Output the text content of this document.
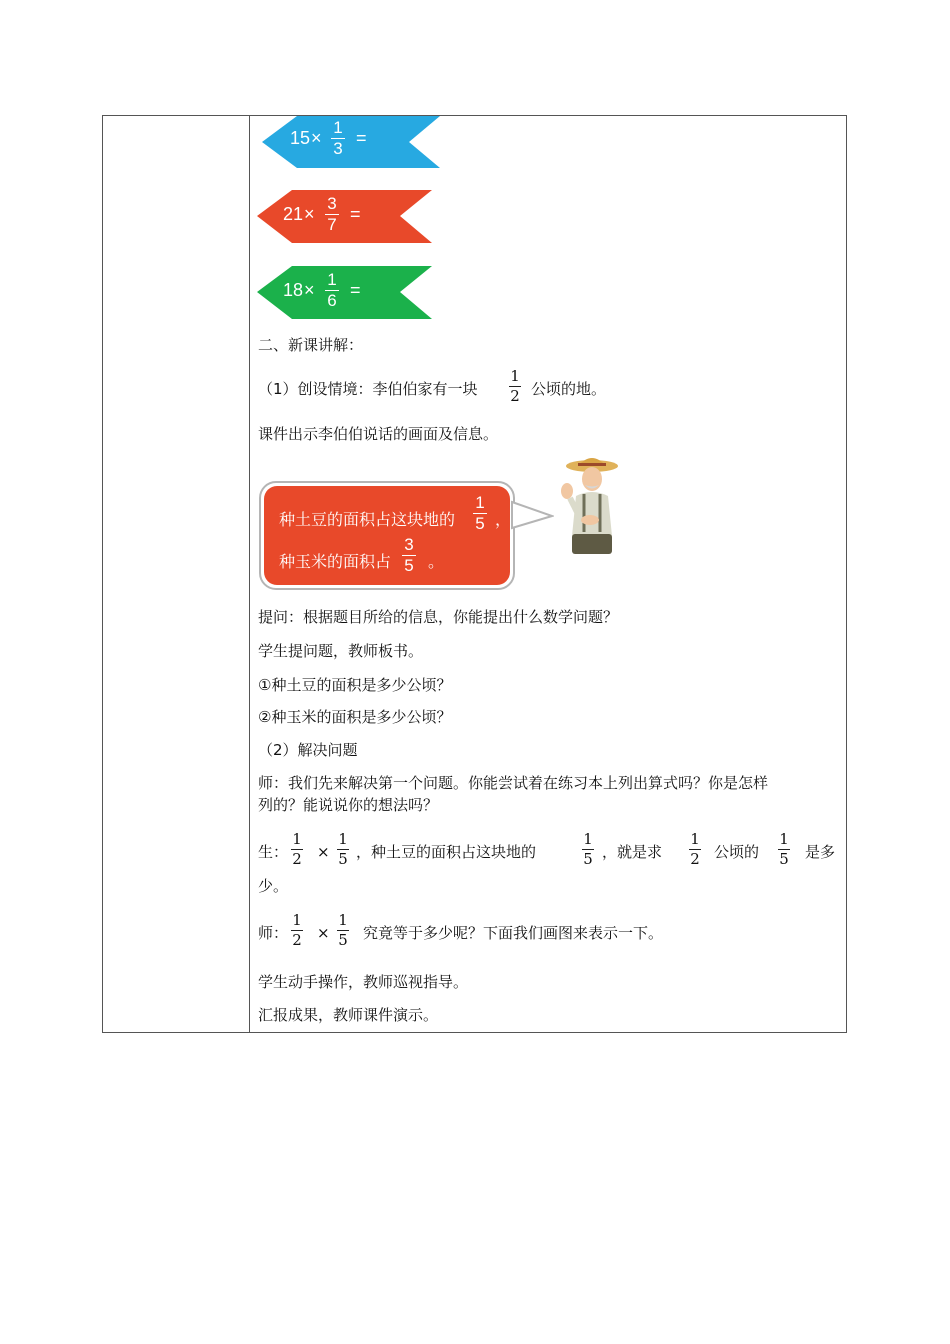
15 ×
1
3
=
21 ×
3
7
=
18 ×
1
6
=
二、新课讲解：
（1）创设情境：李伯伯家有一块
1
2 公顷的地。
课件出示李伯伯说话的画面及信息。
种土豆的面积占这块地的
1
5 ，
种玉米的面积占
3
5 。
提问：根据题目所给的信息，你能提出什么数学问题？
学生提问题，教师板书。
①种土豆的面积是多少公顷？
②种玉米的面积是多少公顷？
（2）解决问题
师：我们先来解决第一个问题。你能尝试着在练习本上列出算式吗？你是怎样
列的？能说说你的想法吗？
生：
1
2 ×
1
5 ，种土豆的面积占这块地的
1
5 ，就是求
1
2 公顷的
1
5 是多
少。
师：
1
2 ×
1
5 究竟等于多少呢？下面我们画图来表示一下。
学生动手操作，教师巡视指导。
汇报成果，教师课件演示。
